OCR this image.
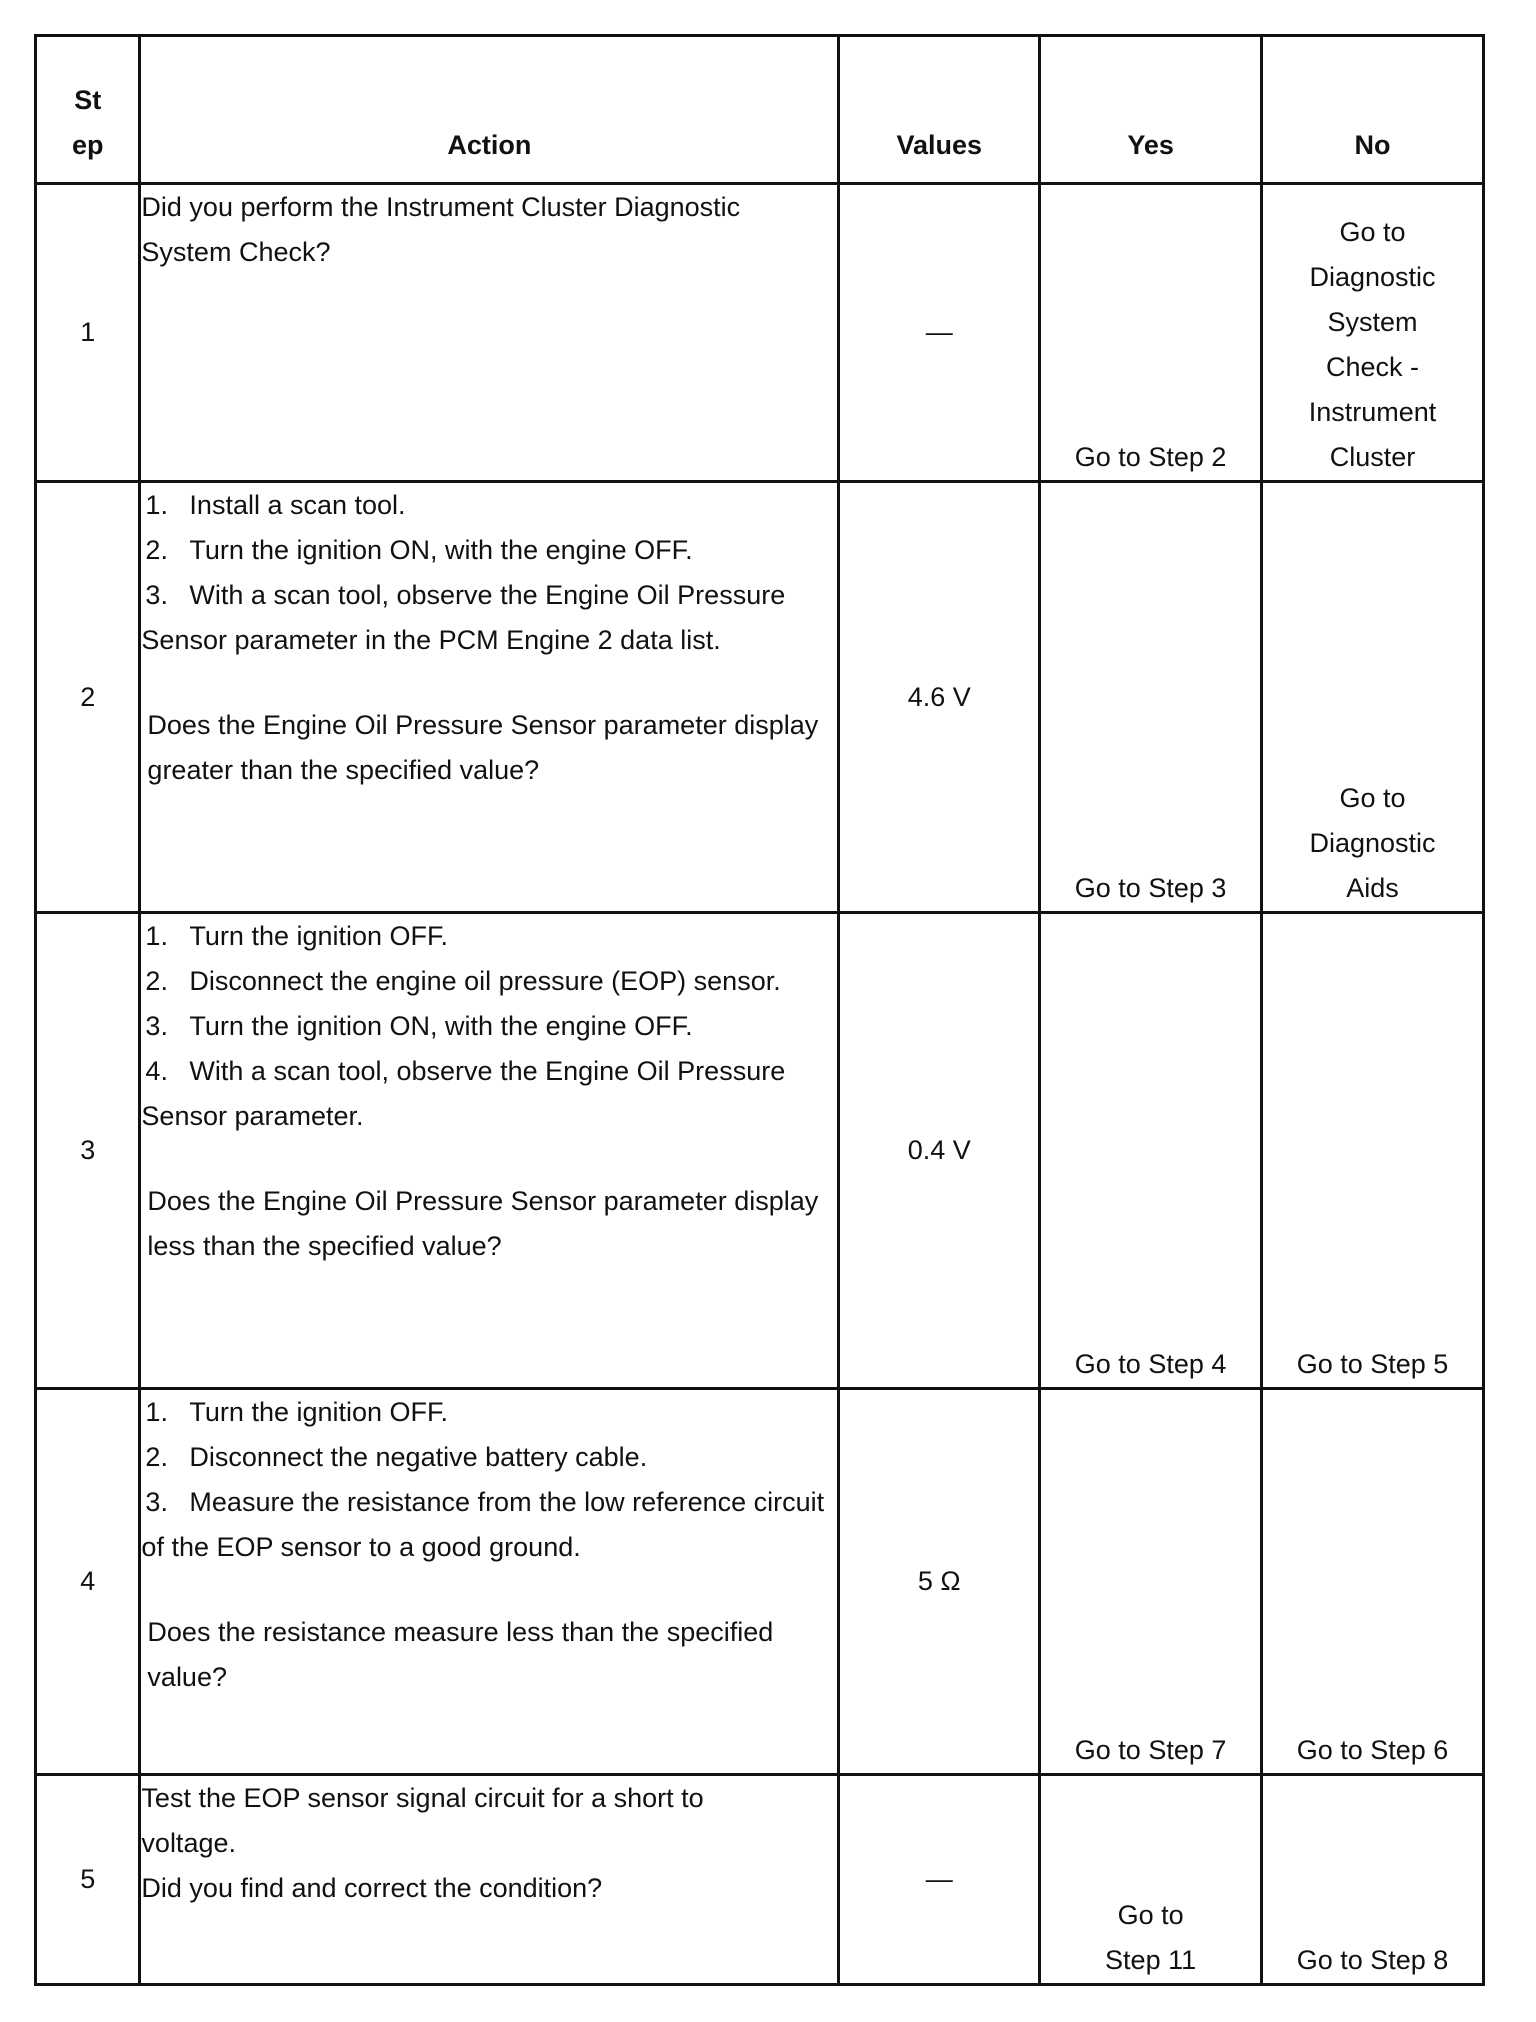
St
ep	Action	Values	Yes	No
1	Did you perform the Instrument Cluster Diagnostic System Check?	—	Go to Step 2	Go to Diagnostic System Check - Instrument Cluster
2	1. Install a scan tool.
2. Turn the ignition ON, with the engine OFF.
3. With a scan tool, observe the Engine Oil Pressure Sensor parameter in the PCM Engine 2 data list.
Does the Engine Oil Pressure Sensor parameter display greater than the specified value?	4.6 V	Go to Step 3	Go to Diagnostic Aids
3	1. Turn the ignition OFF.
2. Disconnect the engine oil pressure (EOP) sensor.
3. Turn the ignition ON, with the engine OFF.
4. With a scan tool, observe the Engine Oil Pressure Sensor parameter.
Does the Engine Oil Pressure Sensor parameter display less than the specified value?	0.4 V	Go to Step 4	Go to Step 5
4	1. Turn the ignition OFF.
2. Disconnect the negative battery cable.
3. Measure the resistance from the low reference circuit of the EOP sensor to a good ground.
Does the resistance measure less than the specified value?	5 Ω	Go to Step 7	Go to Step 6
5	Test the EOP sensor signal circuit for a short to voltage.
Did you find and correct the condition?	—	Go to Step 11	Go to Step 8
